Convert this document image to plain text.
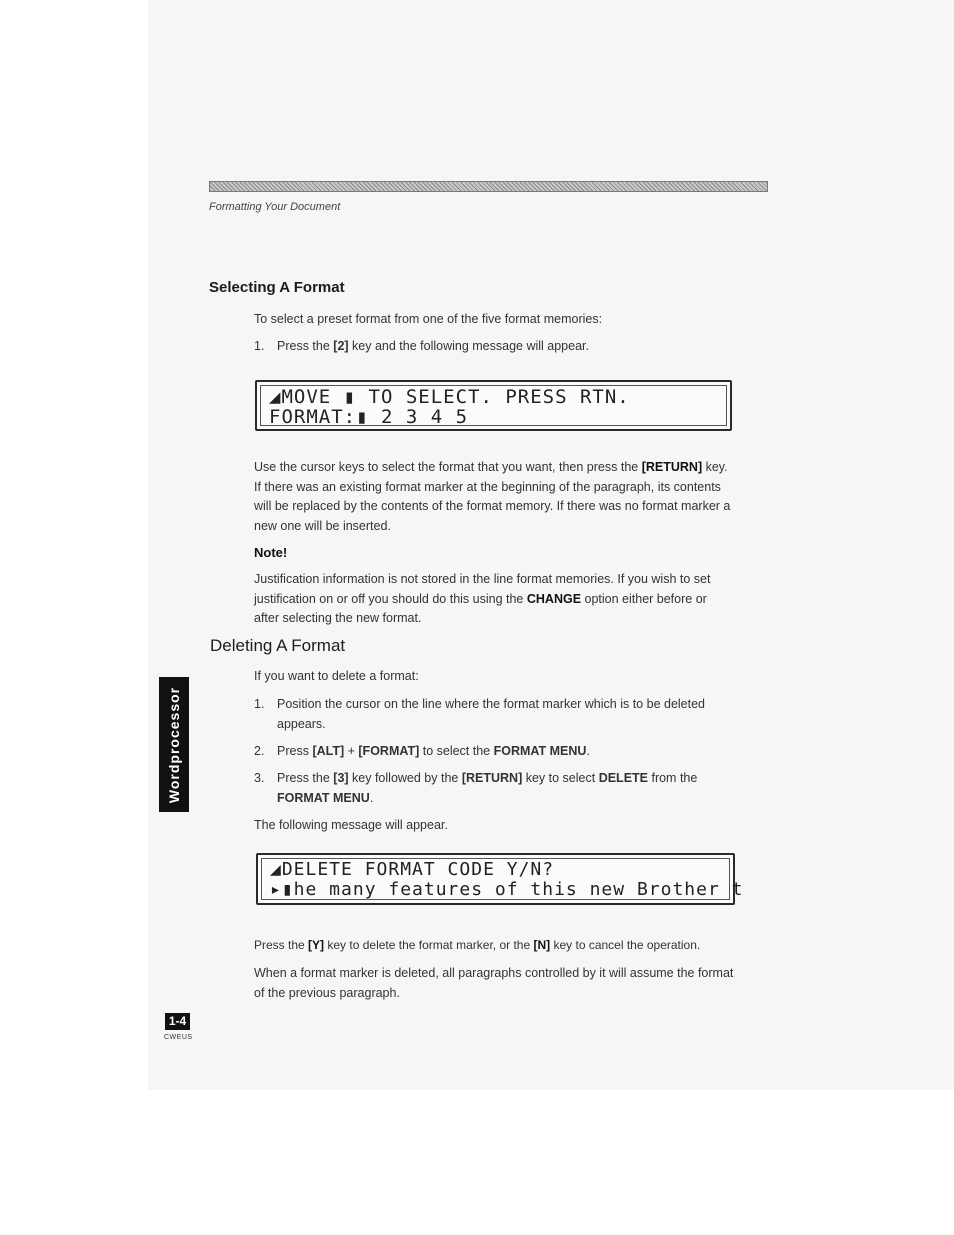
Formatting Your Document
Selecting A Format

To select a preset format from one of the five format memories:

1. Press the [2] key and the following message will appear.
◢MOVE ▮ TO SELECT. PRESS RTN.
FORMAT:▮ 2 3 4 5

Use the cursor keys to select the format that you want, then press the [RETURN] key. If there was an existing format marker at the beginning of the paragraph, its contents will be replaced by the contents of the format memory. If there was no format marker a new one will be inserted.

Note!

Justification information is not stored in the line format memories. If you wish to set justification on or off you should do this using the CHANGE option either before or after selecting the new format.

Deleting A Format

If you want to delete a format:

1. Position the cursor on the line where the format marker which is to be deleted appears.
2. Press [ALT] + [FORMAT] to select the FORMAT MENU.
3. Press the [3] key followed by the [RETURN] key to select DELETE from the FORMAT MENU.

The following message will appear.

◢DELETE FORMAT CODE Y/N?
▸▮he many features of this new Brother t

Press the [Y] key to delete the format marker, or the [N] key to cancel the operation.

When a format marker is deleted, all paragraphs controlled by it will assume the format of the previous paragraph.

Wordprocessor
1-4
CWEUS
